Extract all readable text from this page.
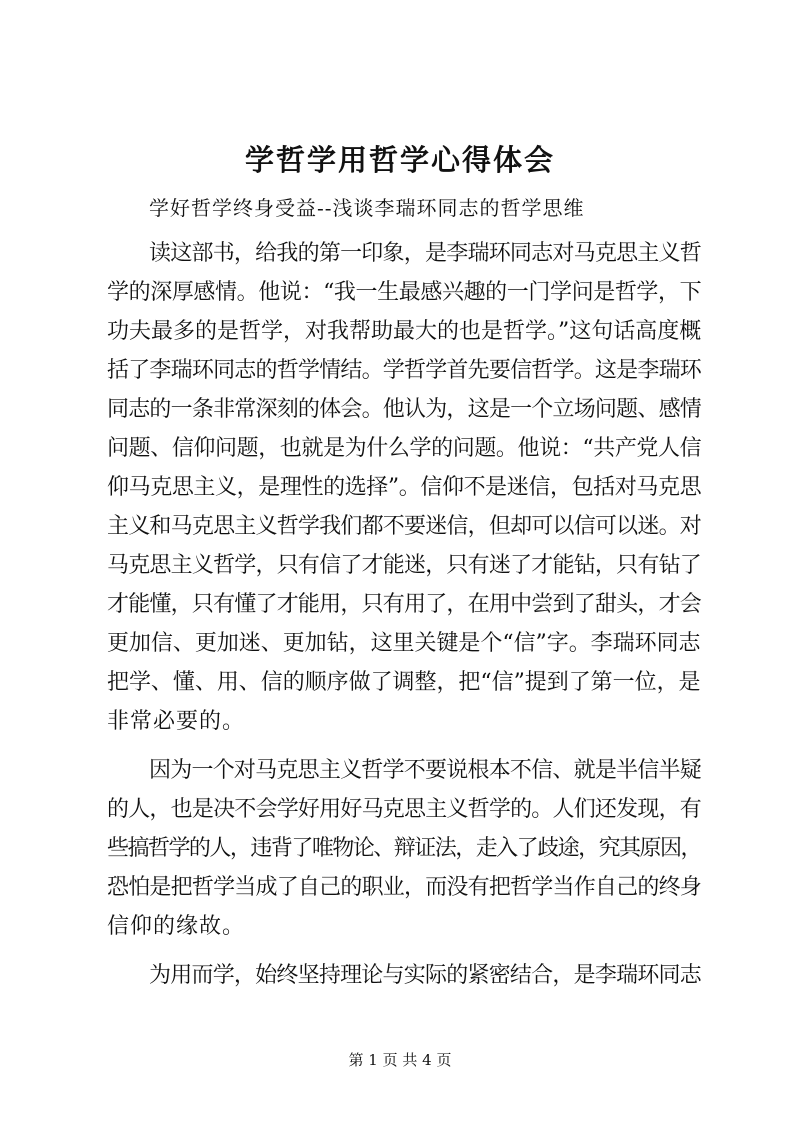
学哲学用哲学心得体会
学好哲学终身受益--浅谈李瑞环同志的哲学思维
读这部书，给我的第一印象，是李瑞环同志对马克思主义哲
学的深厚感情。他说：“我一生最感兴趣的一门学问是哲学，下
功夫最多的是哲学，对我帮助最大的也是哲学。”这句话高度概
括了李瑞环同志的哲学情结。学哲学首先要信哲学。这是李瑞环
同志的一条非常深刻的体会。他认为，这是一个立场问题、感情
问题、信仰问题，也就是为什么学的问题。他说：“共产党人信
仰马克思主义，是理性的选择”。信仰不是迷信，包括对马克思
主义和马克思主义哲学我们都不要迷信，但却可以信可以迷。对
马克思主义哲学，只有信了才能迷，只有迷了才能钻，只有钻了
才能懂，只有懂了才能用，只有用了，在用中尝到了甜头，才会
更加信、更加迷、更加钻，这里关键是个“信”字。李瑞环同志
把学、懂、用、信的顺序做了调整，把“信”提到了第一位，是
非常必要的。
因为一个对马克思主义哲学不要说根本不信、就是半信半疑
的人，也是决不会学好用好马克思主义哲学的。人们还发现，有
些搞哲学的人，违背了唯物论、辩证法，走入了歧途，究其原因，
恐怕是把哲学当成了自己的职业，而没有把哲学当作自己的终身
信仰的缘故。
为用而学，始终坚持理论与实际的紧密结合，是李瑞环同志
第 1 页 共 4 页
